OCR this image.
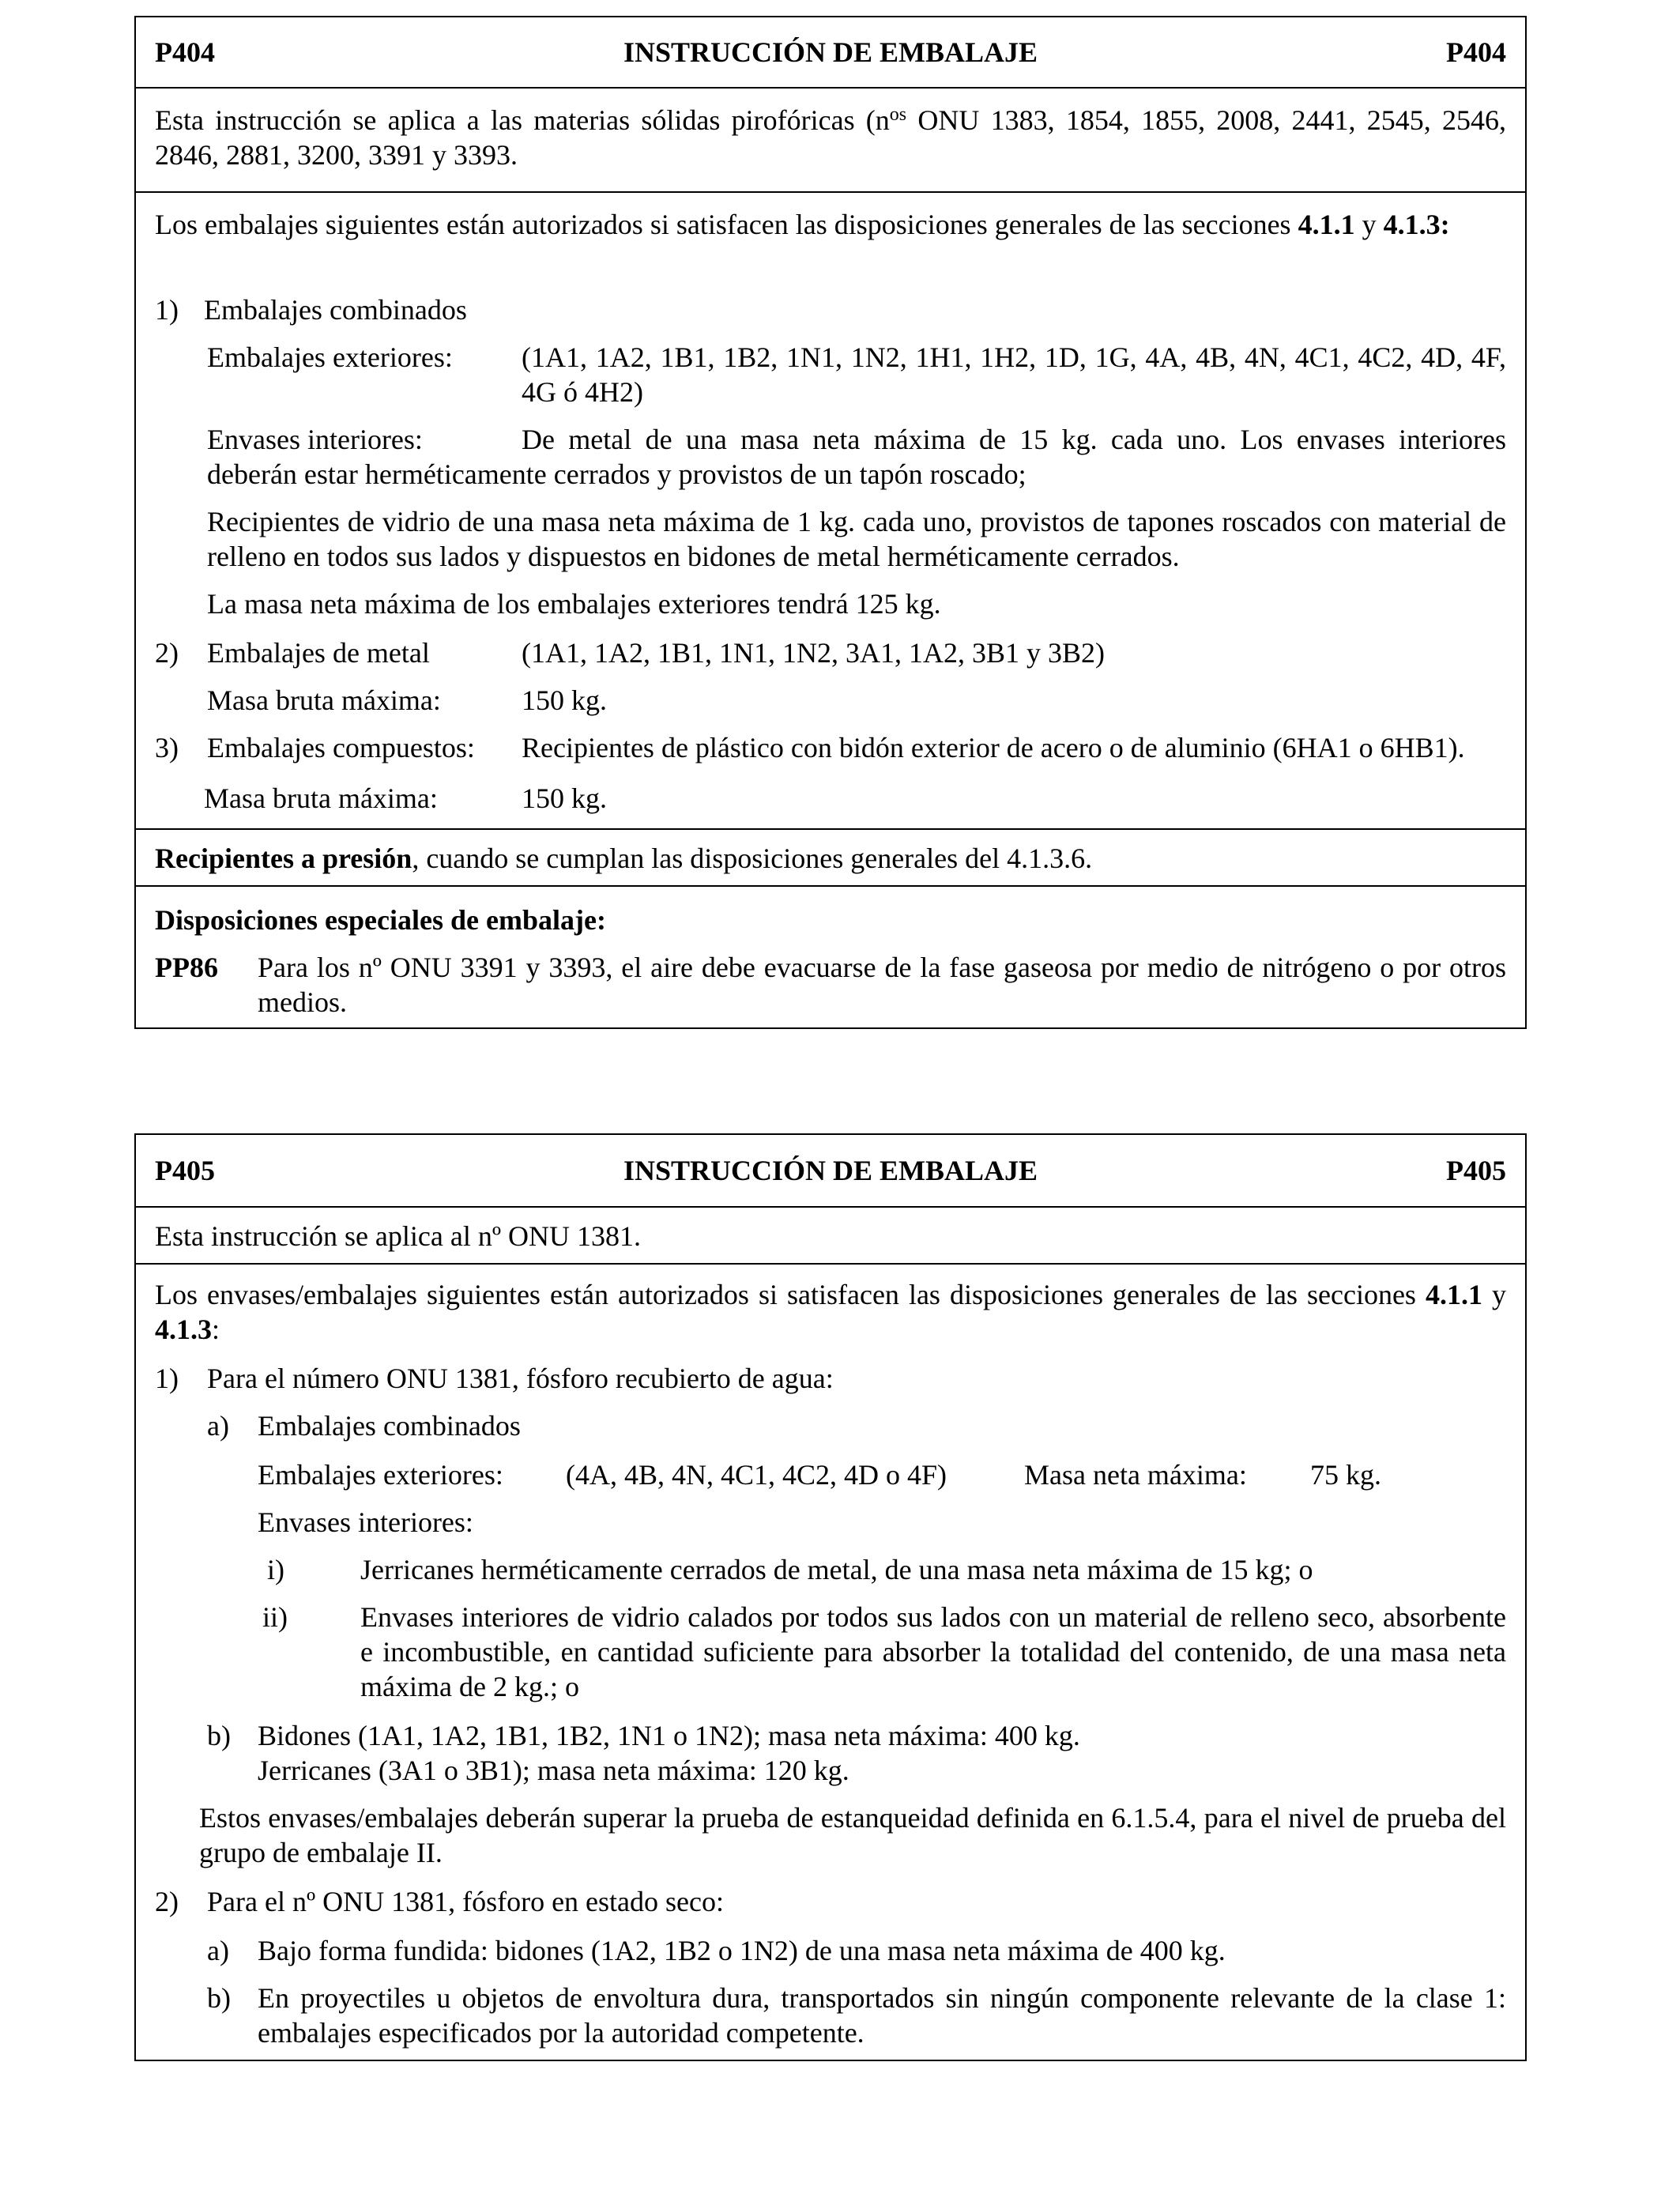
P404	INSTRUCCIÓN DE EMBALAJE	P404
Esta instrucción se aplica a las materias sólidas pirofóricas ($n^{os}$ ONU 1383, 1854, 1855, 2008, 2441, 2545, 2546, 2846, 2881, 3200, 3391 y 3393.
Los embalajes siguientes están autorizados si satisfacen las disposiciones generales de las secciones 4.1.1 y 4.1.3:
1) Embalajes combinados
Embalajes exteriores: (1A1, 1A2, 1B1, 1B2, 1N1, 1N2, 1H1, 1H2, 1D, 1G, 4A, 4B, 4N, 4C1, 4C2, 4D, 4F, 4G ó 4H2)
Envases interiores:	De metal de una masa neta máxima de 15 kg. cada uno. Los envases interiores
deberán estar herméticamente cerrados y provistos de un tapón roscado;
Recipientes de vidrio de una masa neta máxima de 1 kg. cada uno, provistos de tapones roscados con material de relleno en todos sus lados y dispuestos en bidones de metal herméticamente cerrados.
La masa neta máxima de los embalajes exteriores tendrá 125 kg.
2) Embalajes de metal	(1A1, 1A2, 1B1, 1N1, 1N2, 3A1, 1A2, 3B1 y 3B2)
Masa bruta máxima:	150 kg.
3) Embalajes compuestos: Recipientes de plástico con bidón exterior de acero o de aluminio (6HA1 o 6HB1).
Masa bruta máxima:	150 kg.
Recipientes a presión, cuando se cumplan las disposiciones generales del 4.1.3.6.
Disposiciones especiales de embalaje:
PP86 Para los nº ONU 3391 y 3393, el aire debe evacuarse de la fase gaseosa por medio de nitrógeno o por otros medios.
P405	INSTRUCCIÓN DE EMBALAJE	P405
Esta instrucción se aplica al nº ONU 1381.
Los envases/embalajes siguientes están autorizados si satisfacen las disposiciones generales de las secciones 4.1.1 y 4.1.3:
1) Para el número ONU 1381, fósforo recubierto de agua:
a) Embalajes combinados
Embalajes exteriores: (4A, 4B, 4N, 4C1, 4C2, 4D o 4F)	Masa neta máxima: 75 kg.
Envases interiores:
i)	Jerricanes herméticamente cerrados de metal, de una masa neta máxima de 15 kg; o
ii)	Envases interiores de vidrio calados por todos sus lados con un material de relleno seco, absorbente e incombustible, en cantidad suficiente para absorber la totalidad del contenido, de una masa neta máxima de 2 kg.; o
b) Bidones (1A1, 1A2, 1B1, 1B2, 1N1 o 1N2); masa neta máxima: 400 kg.
Jerricanes (3A1 o 3B1); masa neta máxima: 120 kg.
Estos envases/embalajes deberán superar la prueba de estanqueidad definida en 6.1.5.4, para el nivel de prueba del grupo de embalaje II.
2) Para el nº ONU 1381, fósforo en estado seco:
a) Bajo forma fundida: bidones (1A2, 1B2 o 1N2) de una masa neta máxima de 400 kg.
b) En proyectiles u objetos de envoltura dura, transportados sin ningún componente relevante de la clase 1: embalajes especificados por la autoridad competente.
